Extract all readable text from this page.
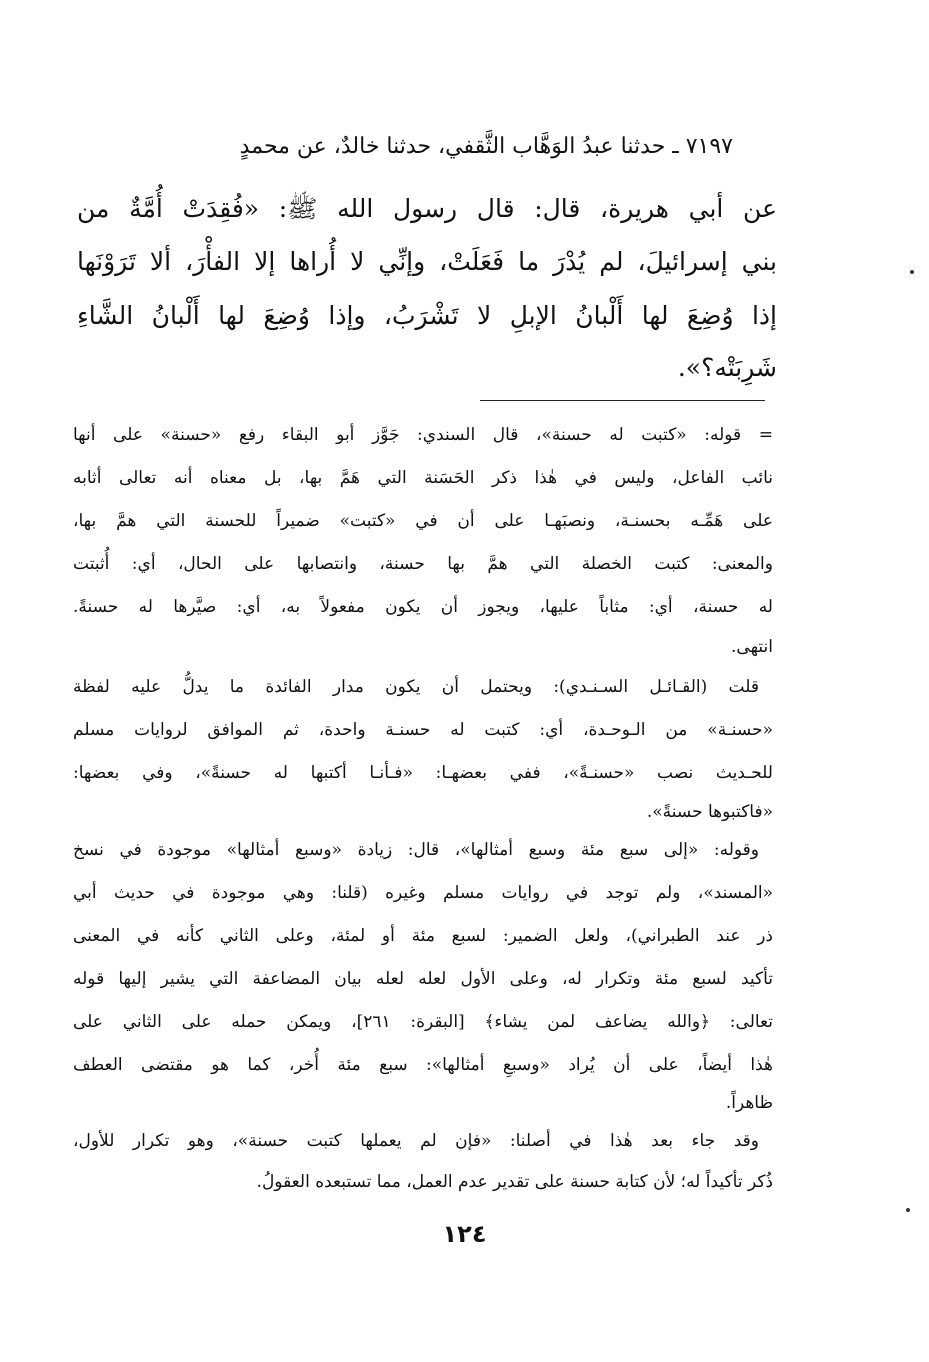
٧١٩٧ ـ حدثنا عبدُ الوَهَّاب الثَّقفي، حدثنا خالدٌ، عن محمدٍ
عن أبي هريرة، قال: قال رسول الله ﷺ: «فُقِدَتْ أُمَّةٌ من
بني إسرائيلَ، لم يُدْرَ ما فَعَلَتْ، وإنِّي لا أُراها إلا الفأْرَ، ألا تَرَوْنَها
إذا وُضِعَ لها أَلْبانُ الإبلِ لا تَشْرَبُ، وإذا وُضِعَ لها أَلْبانُ الشَّاءِ
شَرِبَتْه؟».
= قوله: «كتبت له حسنة»، قال السندي: جَوَّز أبو البقاء رفع «حسنة» على أنها
نائب الفاعل، وليس في هٰذا ذكر الحَسَنة التي هَمَّ بها، بل معناه أنه تعالى أثابه
على هَمِّـه بحسنـة، ونصبَهـا على أن في «كتبت» ضميراً للحسنة التي همَّ بها،
والمعنى: كتبت الخصلة التي همَّ بها حسنة، وانتصابها على الحال، أي: أُثبتت
له حسنة، أي: مثاباً عليها، ويجوز أن يكون مفعولاً به، أي: صيَّرها له حسنةً.
انتهى.
قلت (القـائـل السـنـدي): ويحتمل أن يكون مدار الفائدة ما يدلُّ عليه لفظة
«حسنـة» من الـوحـدة، أي: كتبت له حسنـة واحدة، ثم الموافق لروايات مسلم
للحـديث نصب «حسنـةً»، ففي بعضهـا: «فـأنـا أكتبها له حسنةً»، وفي بعضها:
«فاكتبوها حسنةً».
وقوله: «إلى سبع مئة وسبع أمثالها»، قال: زيادة «وسبع أمثالها» موجودة في نسخ
«المسند»، ولم توجد في روايات مسلم وغيره (قلنا: وهي موجودة في حديث أبي
ذر عند الطبراني)، ولعل الضمير: لسبع مئة أو لمئة، وعلى الثاني كأنه في المعنى
تأكيد لسبع مئة وتكرار له، وعلى الأول لعله لعله بيان المضاعفة التي يشير إليها قوله
تعالى: ﴿والله يضاعف لمن يشاء﴾ [البقرة: ٢٦١]، ويمكن حمله على الثاني على
هٰذا أيضاً، على أن يُراد «وسبعِ أمثالها»: سبع مئة أُخر، كما هو مقتضى العطف
ظاهراً.
وقد جاء بعد هٰذا في أصلنا: «فإن لم يعملها كتبت حسنة»، وهو تكرار للأول،
ذُكر تأكيداً له؛ لأن كتابة حسنة على تقدير عدم العمل، مما تستبعده العقولُ.
١٢٤
